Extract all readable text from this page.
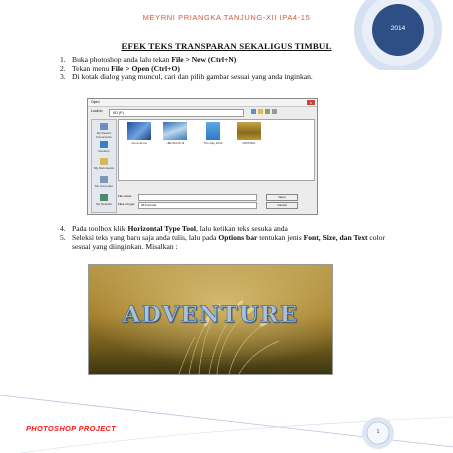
MEYRNI PRIANGKA TANJUNG-XII IPA4-15
2014
EFEK TEKS TRANSPARAN SEKALIGUS TIMBUL
1. Buka photoshop anda lalu tekan File > New (Ctrl+N)
2. Tekan menu File > Open (Ctrl+O)
3. Di kotak dialog yang muncul, cari dan pilih gambar sesuai yang anda inginkan.
Open	x
Look in:	KD (F:)
My Recent Documents
Desktop
My Documents
My Computer
My Network
Anna Zerra	~$E7DA15~$	The Day 2012	00076DH
File name:	Open
Files of type:	All Formats	Cancel
4. Pada toolbox klik Horizontal Type Tool, lalu ketikan teks sesuka anda
5. Seleksi teks yang baru saja anda tulis, lalu pada Options bar tentukan jenis Font, Size, dan Text color sesuai yang diinginkan. Misalkan :
ADVENTURE
PHOTOSHOP PROJECT	1
